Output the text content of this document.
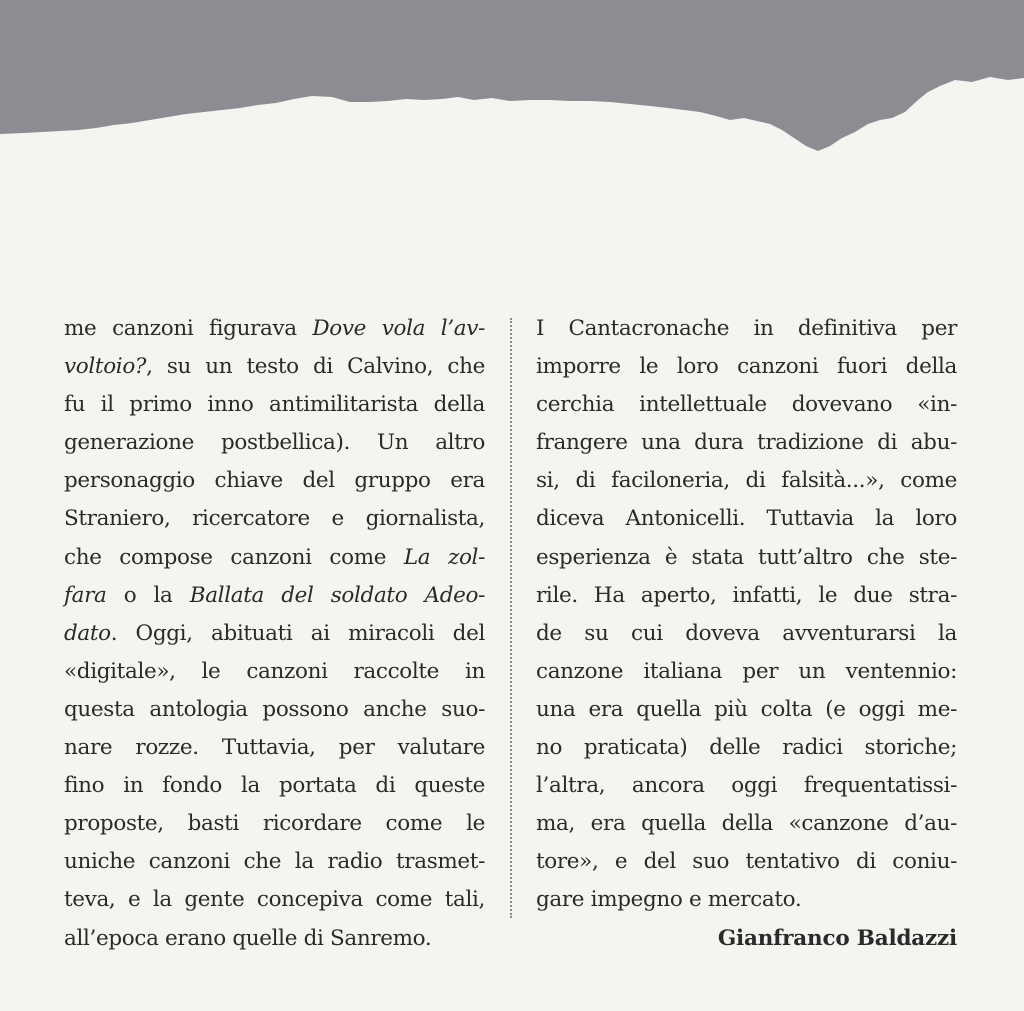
me canzoni figurava Dove vola l’av-
voltoio?, su un testo di Calvino, che
fu il primo inno antimilitarista della
generazione postbellica). Un altro
personaggio chiave del gruppo era
Straniero, ricercatore e giornalista,
che compose canzoni come La zol-
fara o la Ballata del soldato Adeo-
dato. Oggi, abituati ai miracoli del
«digitale», le canzoni raccolte in
questa antologia possono anche suo-
nare rozze. Tuttavia, per valutare
fino in fondo la portata di queste
proposte, basti ricordare come le
uniche canzoni che la radio trasmet-
teva, e la gente concepiva come tali,
all’epoca erano quelle di Sanremo.
I Cantacronache in definitiva per
imporre le loro canzoni fuori della
cerchia intellettuale dovevano «in-
frangere una dura tradizione di abu-
si, di faciloneria, di falsità...», come
diceva Antonicelli. Tuttavia la loro
esperienza è stata tutt’altro che ste-
rile. Ha aperto, infatti, le due stra-
de su cui doveva avventurarsi la
canzone italiana per un ventennio:
una era quella più colta (e oggi me-
no praticata) delle radici storiche;
l’altra, ancora oggi frequentatissi-
ma, era quella della «canzone d’au-
tore», e del suo tentativo di coniu-
gare impegno e mercato.
Gianfranco Baldazzi
